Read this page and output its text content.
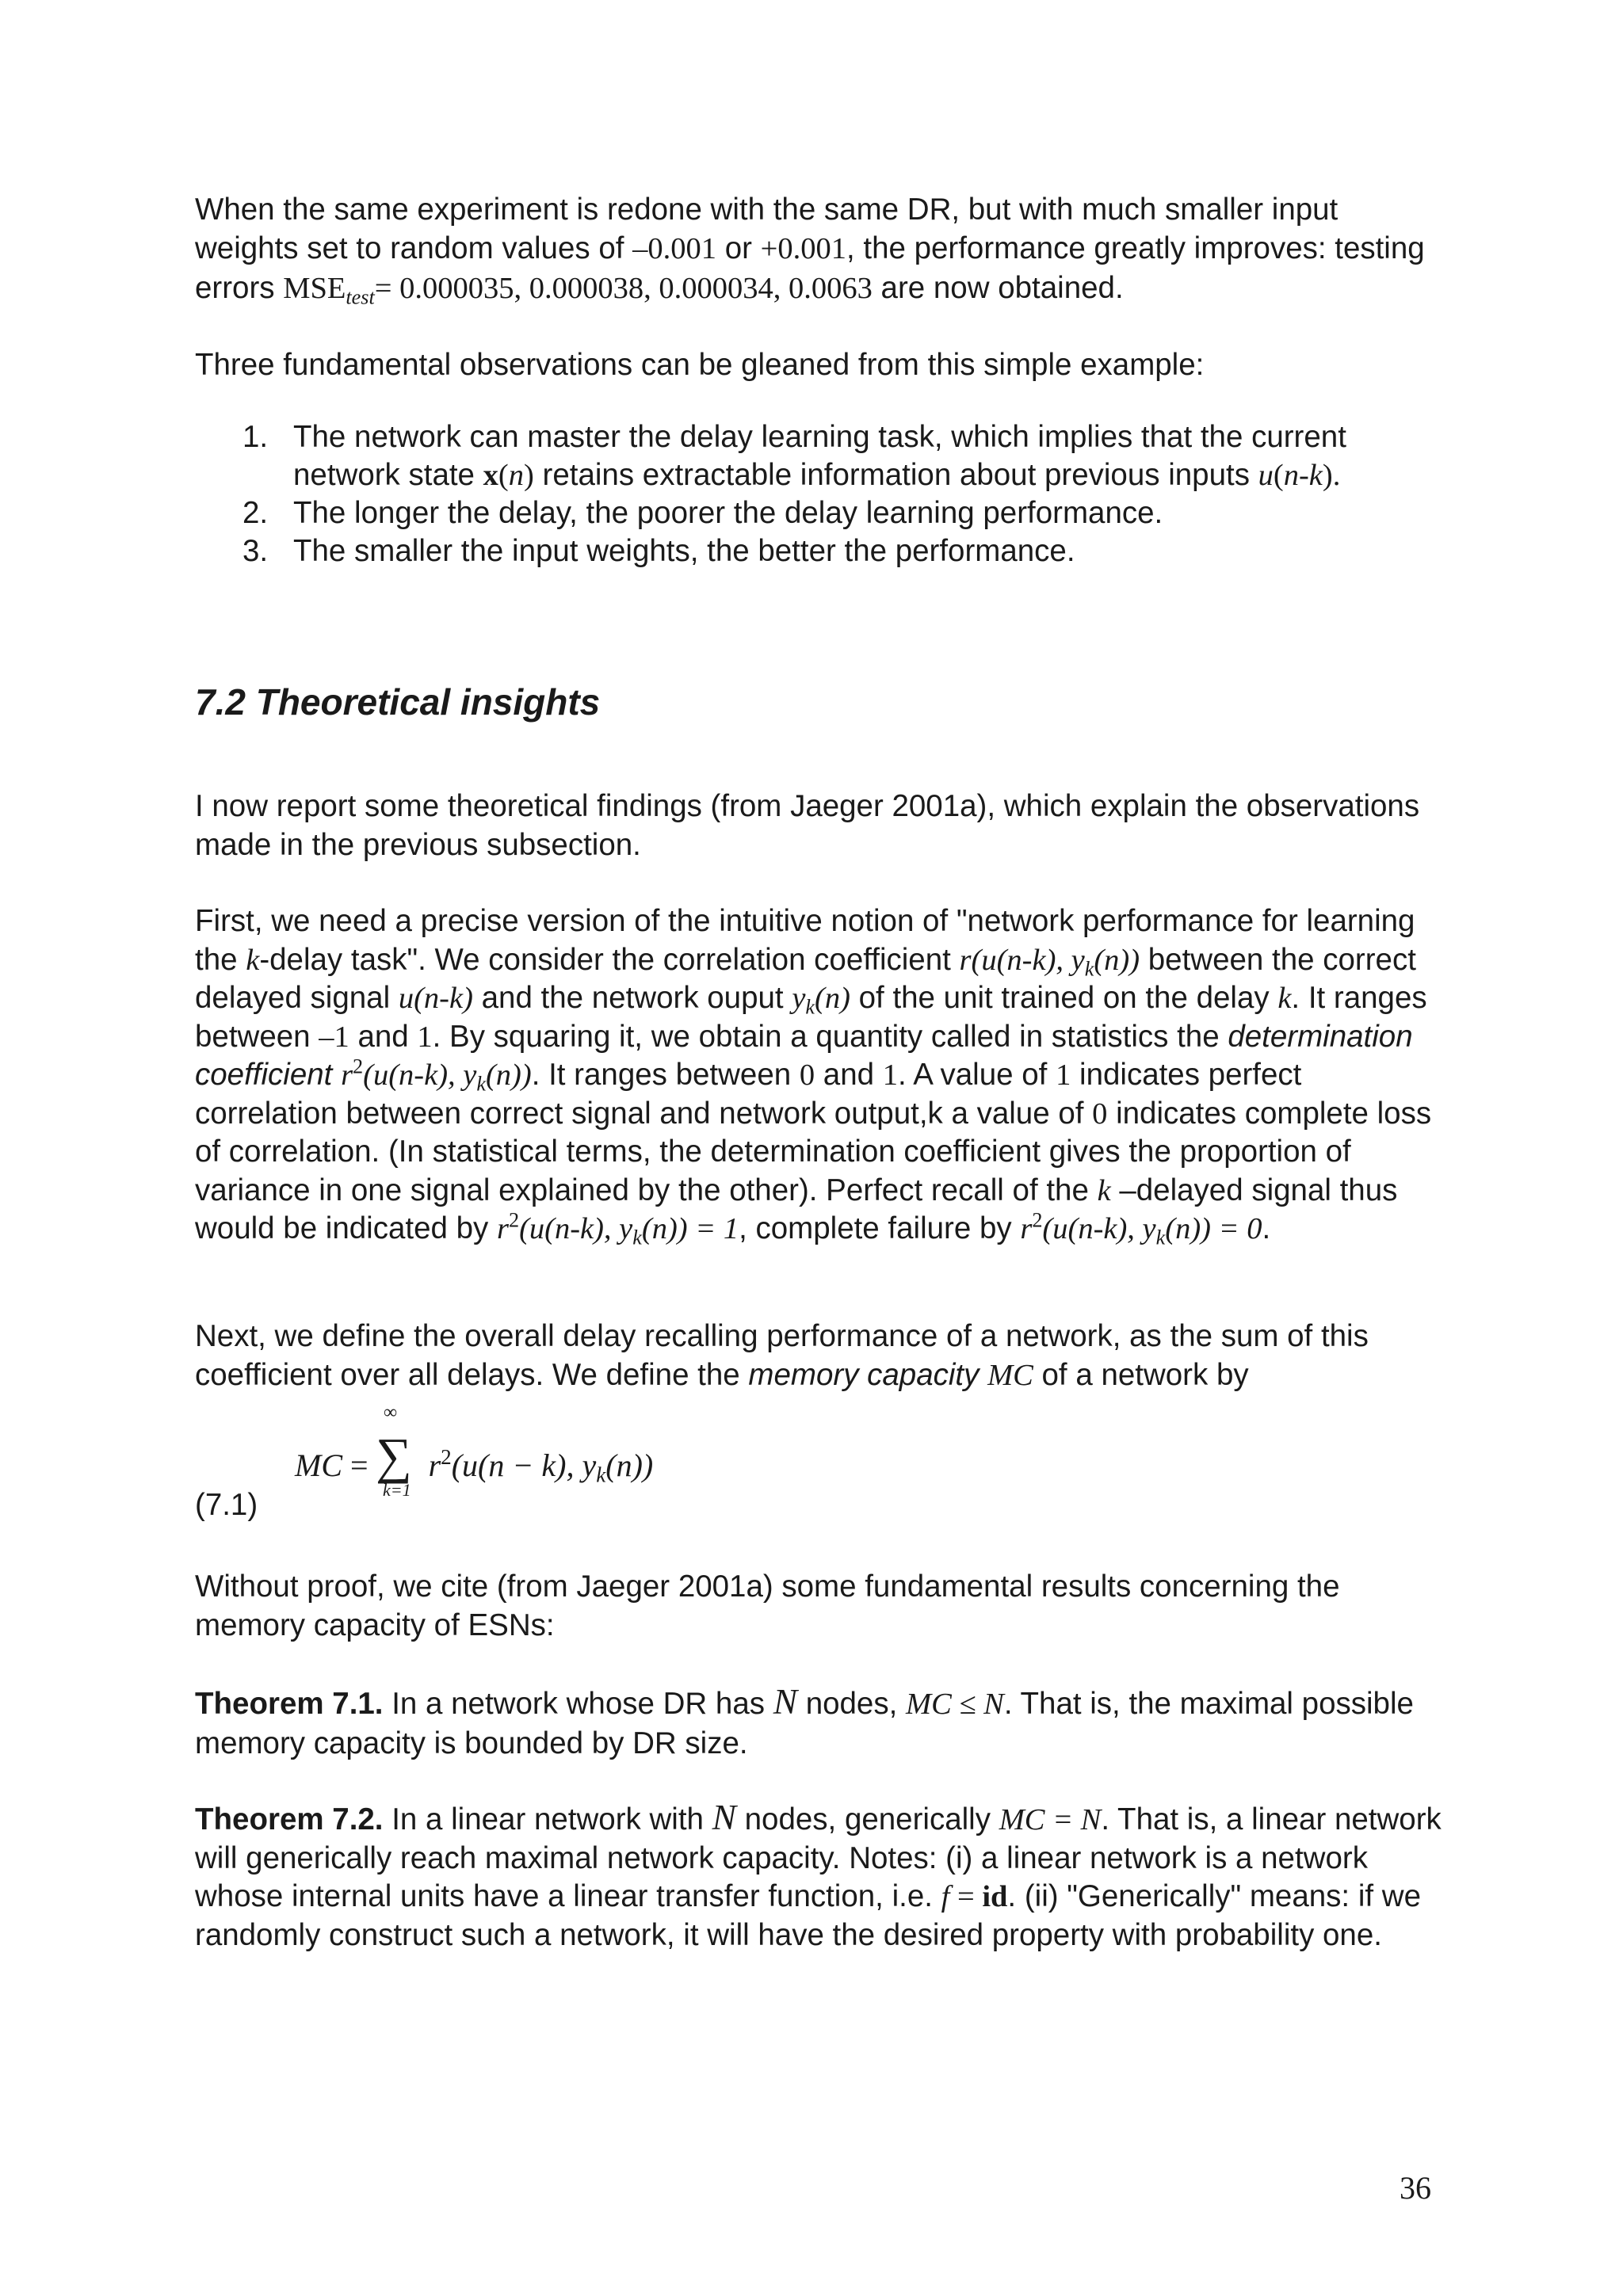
When the same experiment is redone with the same DR, but with much smaller input weights set to random values of –0.001 or +0.001, the performance greatly improves: testing errors $MSE_{test}= 0.000035$, 0.000038, 0.000034, 0.0063 are now obtained.

Three fundamental observations can be gleaned from this simple example:

1. The network can master the delay learning task, which implies that the current network state x(n) retains extractable information about previous inputs u(n-k).
2. The longer the delay, the poorer the delay learning performance.
3. The smaller the input weights, the better the performance.
7.2 Theoretical insights

I now report some theoretical findings (from Jaeger 2001a), which explain the observations made in the previous subsection.

First, we need a precise version of the intuitive notion of "network performance for learning the k-delay task". We consider the correlation coefficient r(u(n-k), $y_k(n)$) between the correct delayed signal u(n-k) and the network ouput $y_k(n)$ of the unit trained on the delay k. It ranges between –1 and 1. By squaring it, we obtain a quantity called in statistics the determination coefficient $r^2(u(n-k)$, $y_k(n)$). It ranges between 0 and 1. A value of 1 indicates perfect correlation between correct signal and network output,k a value of 0 indicates complete loss of correlation. (In statistical terms, the determination coefficient gives the proportion of variance in one signal explained by the other). Perfect recall of the k –delayed signal thus would be indicated by $r^2(u(n-k)$, $y_k(n)) = 1$, complete failure by $r^2(u(n-k)$, $y_k(n)) = 0$.

Next, we define the overall delay recalling performance of a network, as the sum of this coefficient over all delays. We define the memory capacity MC of a network by

(7.1)
∞
∑
k=1
MC = $r^2(u(n - k)$, $y_k(n)$)

Without proof, we cite (from Jaeger 2001a) some fundamental results concerning the memory capacity of ESNs:

Theorem 7.1. In a network whose DR has N nodes, MC ≤ N. That is, the maximal possible memory capacity is bounded by DR size.

Theorem 7.2. In a linear network with N nodes, generically MC = N. That is, a linear network will generically reach maximal network capacity. Notes: (i) a linear network is a network whose internal units have a linear transfer function, i.e. f = id. (ii) "Generically" means: if we randomly construct such a network, it will have the desired property with probability one.

36
